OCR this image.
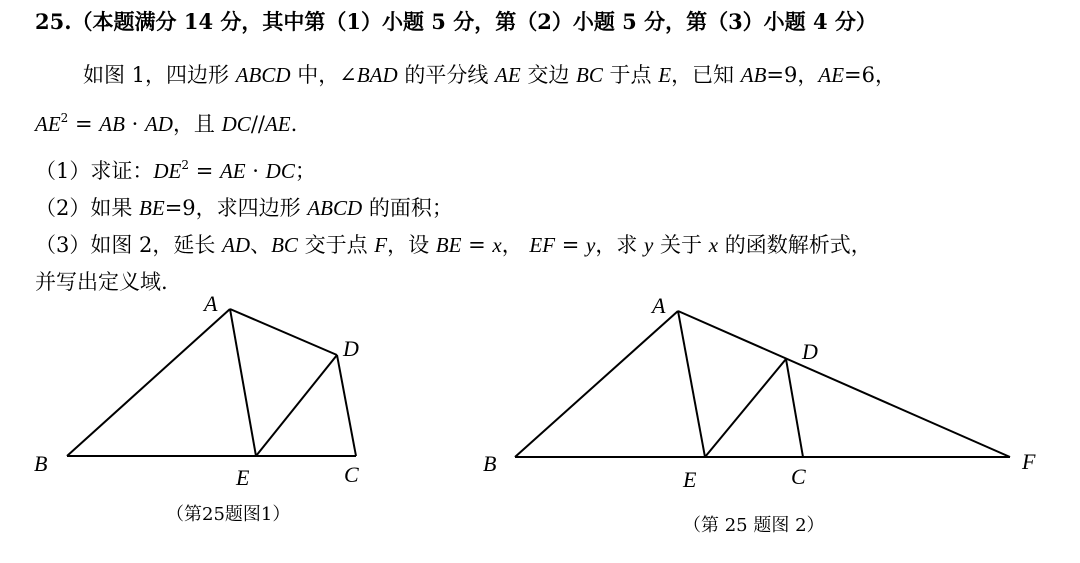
25.（本题满分 14 分，其中第（1）小题 5 分，第（2）小题 5 分，第（3）小题 4 分）
如图 1，四边形 ABCD 中，∠BAD 的平分线 AE 交边 BC 于点 E，已知 AB=9，AE=6，
$AE^2$ = AB · AD，且 DC//AE.
（1）求证：$DE^2$ = AE · DC；
（2）如果 BE=9，求四边形 ABCD 的面积；
（3）如图 2，延长 AD、BC 交于点 F，设 BE = x， EF = y，求 y 关于 x 的函数解析式，
并写出定义域.
A
B	C
D
E
A
B
C
D
E
F
（第25题图1）
（第 25 题图 2）
